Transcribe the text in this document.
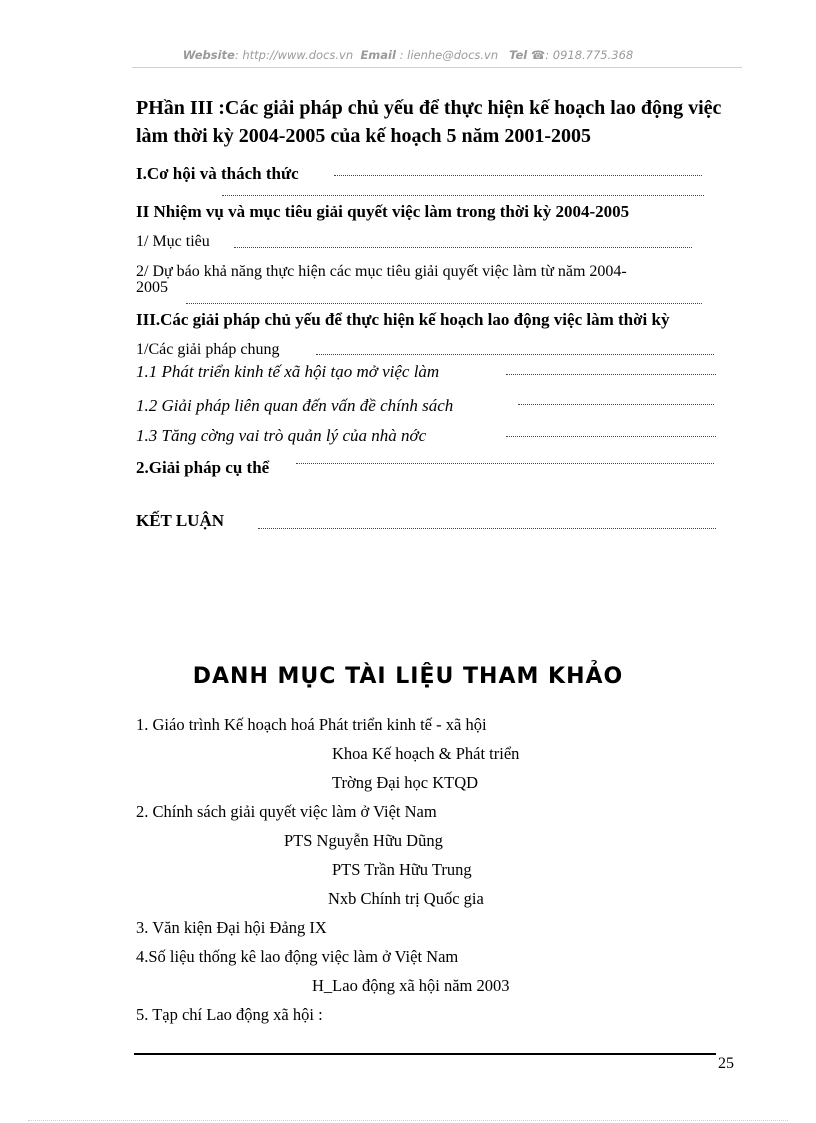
Website: http://www.docs.vn Email : lienhe@docs.vn Tel ☎: 0918.775.368
PHần III :Các giải pháp chủ yếu để thực hiện kế hoạch lao động việc làm thời kỳ 2004-2005 của kế hoạch 5 năm 2001-2005
I.Cơ hội và thách thức
II Nhiệm vụ và mục tiêu giải quyết việc làm trong thời kỳ 2004-2005
1/ Mục tiêu
2/ Dự báo khả năng thực hiện các mục tiêu giải quyết việc làm từ năm 2004-
2005
III.Các giải pháp chủ yếu để thực hiện kế hoạch lao động việc làm thời kỳ
1/Các giải pháp chung
1.1 Phát triển kinh tế xã hội tạo mở việc làm
1.2 Giải pháp liên quan đến vấn đề chính sách
1.3 Tăng cờng vai trò quản lý của nhà nớc
2.Giải pháp cụ thể
KẾT LUẬN
DANH MỤC TÀI LIỆU THAM KHẢO
1. Giáo trình Kế hoạch hoá Phát triển kinh tế - xã hội
Khoa Kế hoạch & Phát triển
Trờng Đại học KTQD
2. Chính sách giải quyết việc làm ở Việt Nam
PTS Nguyễn Hữu Dũng
PTS Trần Hữu Trung
Nxb Chính trị Quốc gia
3. Văn kiện Đại hội Đảng IX
4.Số liệu thống kê lao động việc làm ở Việt Nam
H_Lao động xã hội năm 2003
5. Tạp chí Lao động xã hội :
25
